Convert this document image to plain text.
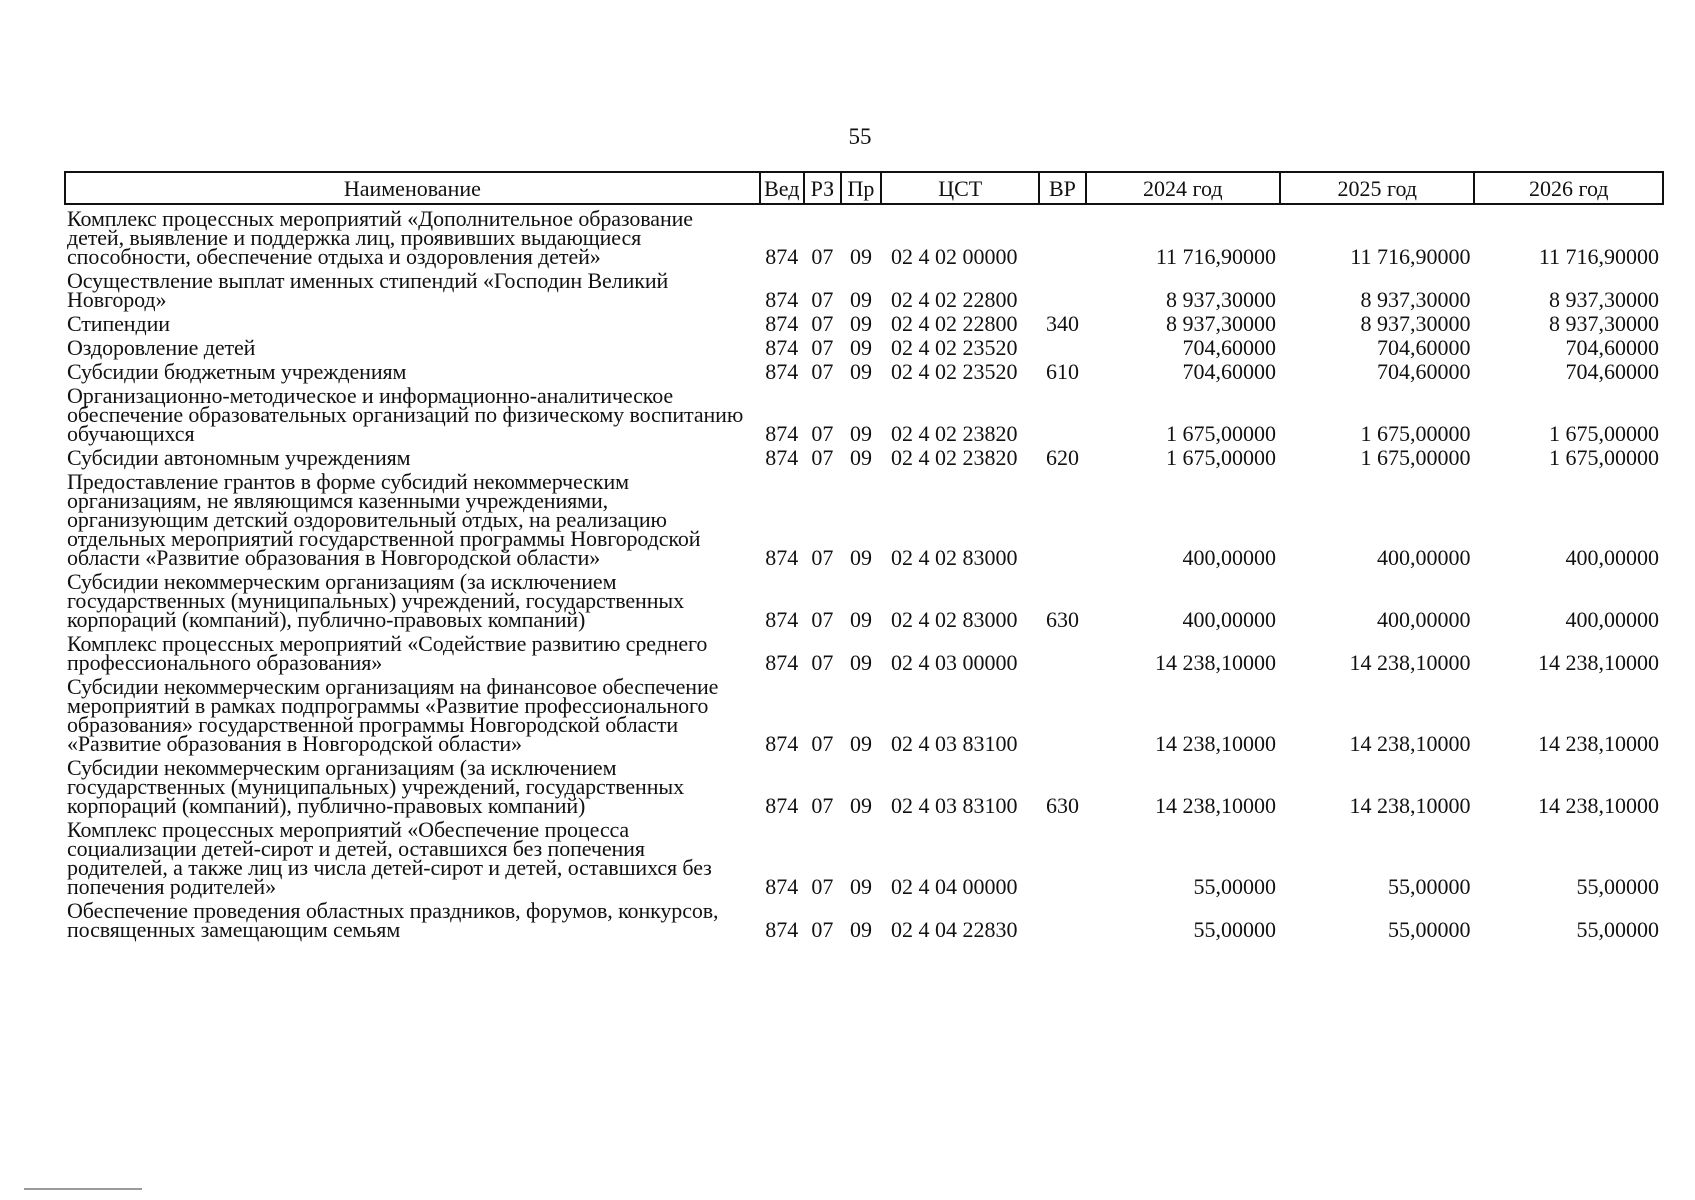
55
Наименование	Вед	РЗ	Пр	ЦСТ	ВР	2024 год	2025 год	2026 год
Комплекс процессных мероприятий «Дополнительное образование детей, выявление и поддержка лиц, проявивших выдающиеся способности, обеспечение отдыха и оздоровления детей»	874	07	09	02 4 02 00000		11 716,90000	11 716,90000	11 716,90000
Осуществление выплат именных стипендий «Господин Великий Новгород»	874	07	09	02 4 02 22800		8 937,30000	8 937,30000	8 937,30000
Стипендии	874	07	09	02 4 02 22800	340	8 937,30000	8 937,30000	8 937,30000
Оздоровление детей	874	07	09	02 4 02 23520		704,60000	704,60000	704,60000
Субсидии бюджетным учреждениям	874	07	09	02 4 02 23520	610	704,60000	704,60000	704,60000
Организационно-методическое и информационно-аналитическое обеспечение образовательных организаций по физическому воспитанию обучающихся	874	07	09	02 4 02 23820		1 675,00000	1 675,00000	1 675,00000
Субсидии автономным учреждениям	874	07	09	02 4 02 23820	620	1 675,00000	1 675,00000	1 675,00000
Предоставление грантов в форме субсидий некоммерческим организациям, не являющимся казенными учреждениями, организующим детский оздоровительный отдых, на реализацию отдельных мероприятий государственной программы Новгородской области «Развитие образования в Новгородской области»	874	07	09	02 4 02 83000		400,00000	400,00000	400,00000
Субсидии некоммерческим организациям (за исключением государственных (муниципальных) учреждений, государственных корпораций (компаний), публично-правовых компаний)	874	07	09	02 4 02 83000	630	400,00000	400,00000	400,00000
Комплекс процессных мероприятий «Содействие развитию среднего профессионального образования»	874	07	09	02 4 03 00000		14 238,10000	14 238,10000	14 238,10000
Субсидии некоммерческим организациям на финансовое обеспечение мероприятий в рамках подпрограммы «Развитие профессионального образования» государственной программы Новгородской области «Развитие образования в Новгородской области»	874	07	09	02 4 03 83100		14 238,10000	14 238,10000	14 238,10000
Субсидии некоммерческим организациям (за исключением государственных (муниципальных) учреждений, государственных корпораций (компаний), публично-правовых компаний)	874	07	09	02 4 03 83100	630	14 238,10000	14 238,10000	14 238,10000
Комплекс процессных мероприятий «Обеспечение процесса социализации детей-сирот и детей, оставшихся без попечения родителей, а также лиц из числа детей-сирот и детей, оставшихся без попечения родителей»	874	07	09	02 4 04 00000		55,00000	55,00000	55,00000
Обеспечение проведения областных праздников, форумов, конкурсов, посвященных замещающим семьям	874	07	09	02 4 04 22830		55,00000	55,00000	55,00000
